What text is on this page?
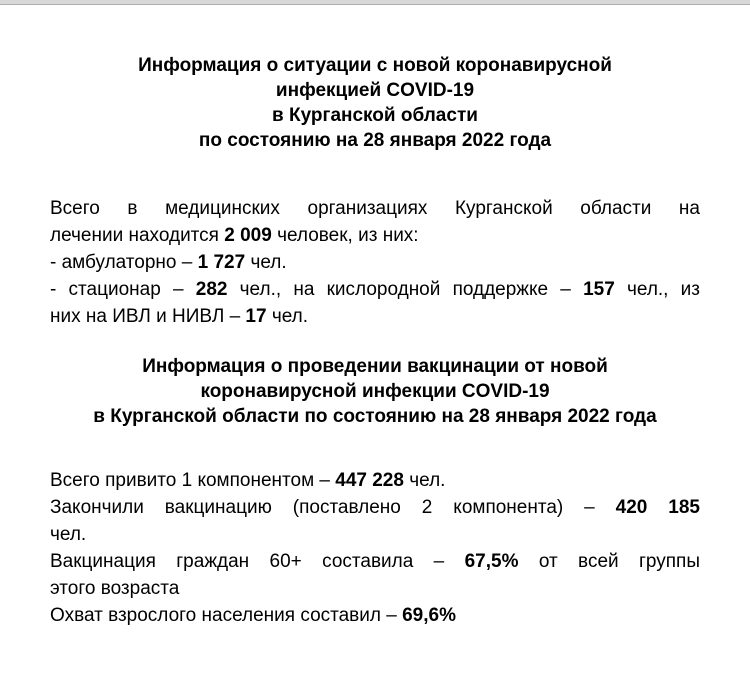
Информация о ситуации с новой коронавирусной
инфекцией COVID-19
в Курганской области
по состоянию на 28 января 2022 года
Всего в медицинских организациях Курганской области на
лечении находится 2 009 человек, из них:
- амбулаторно – 1 727 чел.
- стационар – 282 чел., на кислородной поддержке – 157 чел., из
них на ИВЛ и НИВЛ – 17 чел.
Информация о проведении вакцинации от новой
коронавирусной инфекции COVID-19
в Курганской области по состоянию на 28 января 2022 года
Всего привито 1 компонентом – 447 228 чел.
Закончили вакцинацию (поставлено 2 компонента) – 420 185
чел.
Вакцинация граждан 60+ составила – 67,5% от всей группы
этого возраста
Охват взрослого населения составил – 69,6%
